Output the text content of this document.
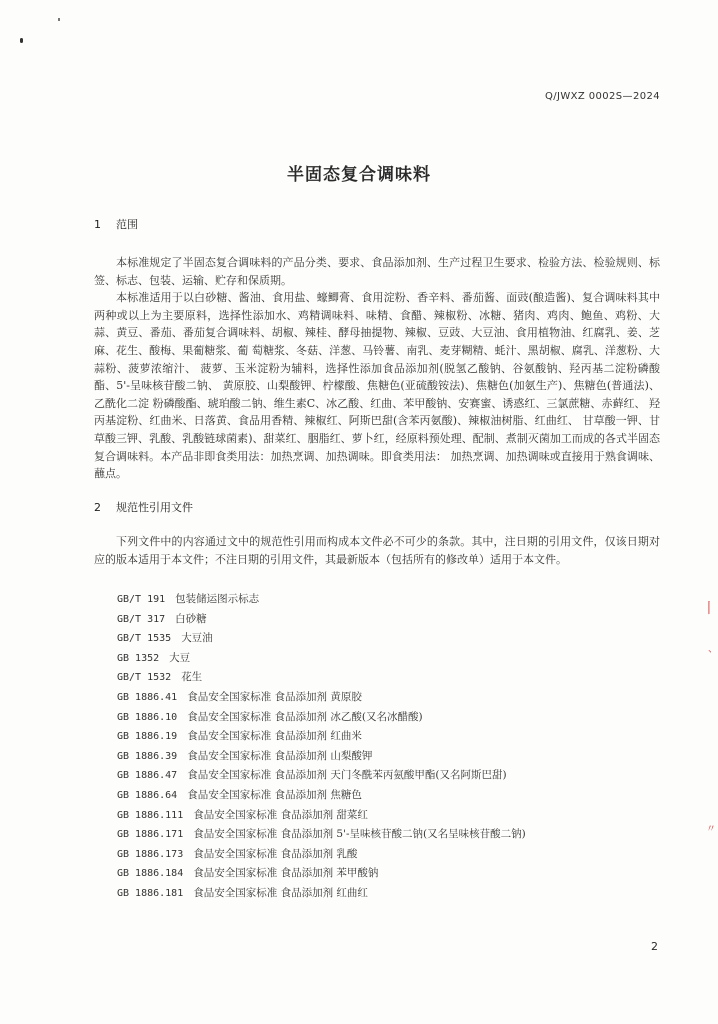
Q/JWXZ 0002S—2024
半固态复合调味料
1 范围

本标准规定了半固态复合调味料的产品分类、要求、食品添加剂、生产过程卫生要求、检验方法、检验规则、标签、标志、包装、运输、贮存和保质期。

本标准适用于以白砂糖、酱油、食用盐、蠔鲫膏、食用淀粉、香辛料、番茄酱、面豉(酿造酱)、复合调味料其中两种或以上为主要原料，选择性添加水、鸡精调味料、味精、食醋、辣椒粉、冰糖、猪肉、鸡肉、鲍鱼、鸡粉、大蒜、黄豆、番茄、番茄复合调味料、胡椒、辣桂、酵母抽提物、辣椒、豆豉、大豆油、食用植物油、红腐乳、姜、芝麻、花生、酸梅、果葡糖浆、葡 萄糖浆、冬菇、洋葱、马铃薯、南乳、麦芽糊精、蚝汁、黑胡椒、腐乳、洋葱粉、大蒜粉、菠萝浓缩汁、 菠萝、玉米淀粉为辅料，选择性添加食品添加剂(脱氢乙酸钠、谷氨酸钠、羟丙基二淀粉磷酸酯、5'-呈味核苷酸二钠、 黄原胶、山梨酸钾、柠檬酸、焦糖色(亚硫酸铵法)、焦糖色(加氨生产)、焦糖色(普通法)、乙酰化二淀 粉磷酸酯、琥珀酸二钠、维生素C、冰乙酸、红曲、苯甲酸钠、安赛蜜、诱惑红、三氯蔗糖、赤藓红、 羟丙基淀粉、红曲米、日落黄、食品用香精、辣椒红、阿斯巴甜(含苯丙氨酸)、辣椒油树脂、红曲红、 甘草酸一钾、甘草酸三钾、乳酸、乳酸链球菌素)、甜菜红、胭脂红、萝卜红，经原料预处理、配制、煮制灭菌加工而成的各式半固态复合调味料。本产品非即食类用法：加热烹调、加热调味。即食类用法： 加热烹调、加热调味或直接用于熟食调味、蘸点。

2 规范性引用文件

下列文件中的内容通过文中的规范性引用而构成本文件必不可少的条款。其中，注日期的引用文件，仅该日期对应的版本适用于本文件；不注日期的引用文件，其最新版本（包括所有的修改单）适用于本文件。

GB/T 191 包装储运图示标志
GB/T 317 白砂糖
GB/T 1535 大豆油
GB 1352 大豆
GB/T 1532 花生
GB 1886.41 食品安全国家标准 食品添加剂 黄原胶
GB 1886.10 食品安全国家标准 食品添加剂 冰乙酸(又名冰醋酸)
GB 1886.19 食品安全国家标准 食品添加剂 红曲米
GB 1886.39 食品安全国家标准 食品添加剂 山梨酸钾
GB 1886.47 食品安全国家标准 食品添加剂 天门冬酰苯丙氨酸甲酯(又名阿斯巴甜)
GB 1886.64 食品安全国家标准 食品添加剂 焦糖色
GB 1886.111 食品安全国家标准 食品添加剂 甜菜红
GB 1886.171 食品安全国家标准 食品添加剂 5'-呈味核苷酸二钠(又名呈味核苷酸二钠)
GB 1886.173 食品安全国家标准 食品添加剂 乳酸
GB 1886.184 食品安全国家标准 食品添加剂 苯甲酸钠
GB 1886.181 食品安全国家标准 食品添加剂 红曲红
2
丨
、
〃
